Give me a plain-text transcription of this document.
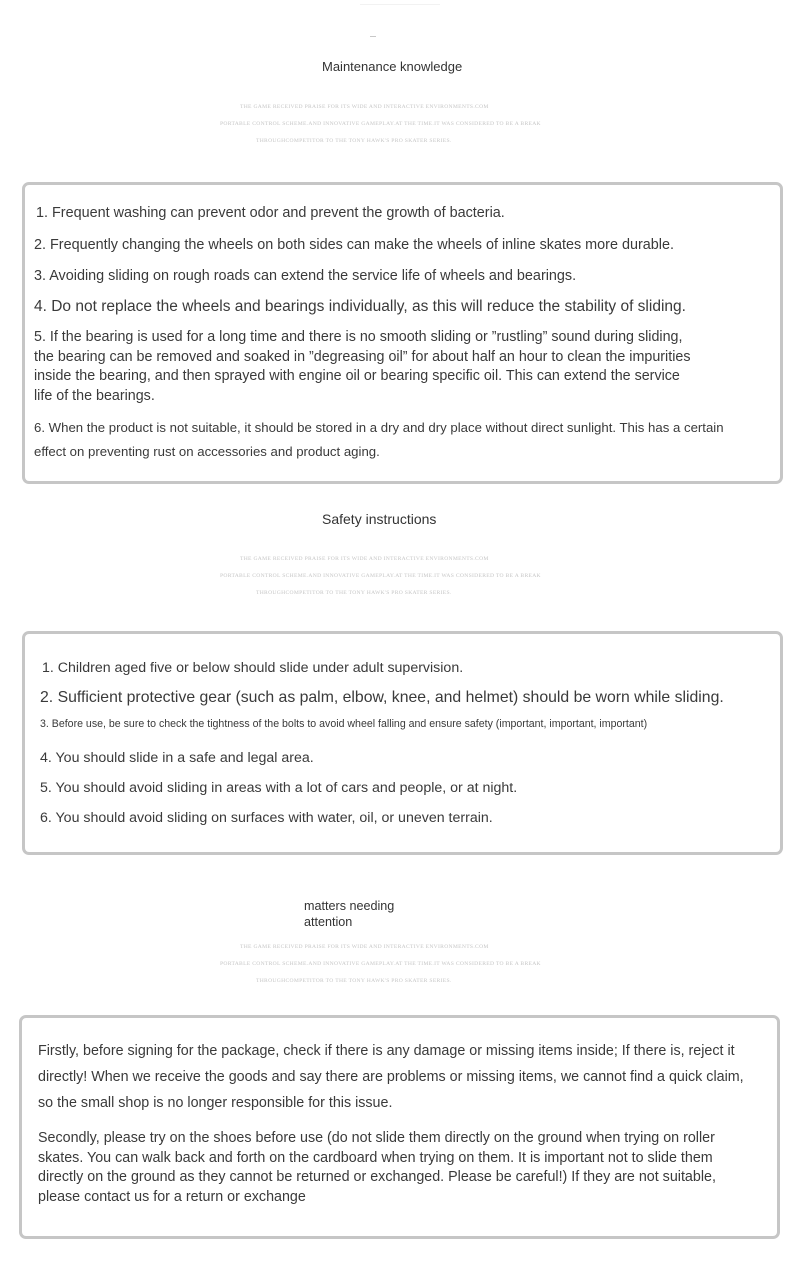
Maintenance knowledge
THE GAME RECEIVED PRAISE FOR ITS WIDE AND INTERACTIVE ENVIRONMENTS.COM
PORTABLE CONTROL SCHEME.AND INNOVATIVE GAMEPLAY.AT THE TIME.IT WAS CONSIDERED TO BE A BREAK
THROUGHCOMPETITOR TO THE TONY HAWK'S PRO SKATER SERIES.
1. Frequent washing can prevent odor and prevent the growth of bacteria.
2. Frequently changing the wheels on both sides can make the wheels of inline skates more durable.
3. Avoiding sliding on rough roads can extend the service life of wheels and bearings.
4. Do not replace the wheels and bearings individually, as this will reduce the stability of sliding.
5. If the bearing is used for a long time and there is no smooth sliding or ”rustling” sound during sliding, the bearing can be removed and soaked in ”degreasing oil” for about half an hour to clean the impurities inside the bearing, and then sprayed with engine oil or bearing specific oil. This can extend the service life of the bearings.
6. When the product is not suitable, it should be stored in a dry and dry place without direct sunlight. This has a certain effect on preventing rust on accessories and product aging.
Safety instructions
THE GAME RECEIVED PRAISE FOR ITS WIDE AND INTERACTIVE ENVIRONMENTS.COM
PORTABLE CONTROL SCHEME.AND INNOVATIVE GAMEPLAY.AT THE TIME.IT WAS CONSIDERED TO BE A BREAK
THROUGHCOMPETITOR TO THE TONY HAWK'S PRO SKATER SERIES.
1. Children aged five or below should slide under adult supervision.
2. Sufficient protective gear (such as palm, elbow, knee, and helmet) should be worn while sliding.
3. Before use, be sure to check the tightness of the bolts to avoid wheel falling and ensure safety (important, important, important)
4. You should slide in a safe and legal area.
5. You should avoid sliding in areas with a lot of cars and people, or at night.
6. You should avoid sliding on surfaces with water, oil, or uneven terrain.
matters needing attention
THE GAME RECEIVED PRAISE FOR ITS WIDE AND INTERACTIVE ENVIRONMENTS.COM
PORTABLE CONTROL SCHEME.AND INNOVATIVE GAMEPLAY.AT THE TIME.IT WAS CONSIDERED TO BE A BREAK
THROUGHCOMPETITOR TO THE TONY HAWK'S PRO SKATER SERIES.
Firstly, before signing for the package, check if there is any damage or missing items inside; If there is, reject it directly! When we receive the goods and say there are problems or missing items, we cannot find a quick claim, so the small shop is no longer responsible for this issue.
Secondly, please try on the shoes before use (do not slide them directly on the ground when trying on roller skates. You can walk back and forth on the cardboard when trying on them. It is important not to slide them directly on the ground as they cannot be returned or exchanged. Please be careful!) If they are not suitable, please contact us for a return or exchange
